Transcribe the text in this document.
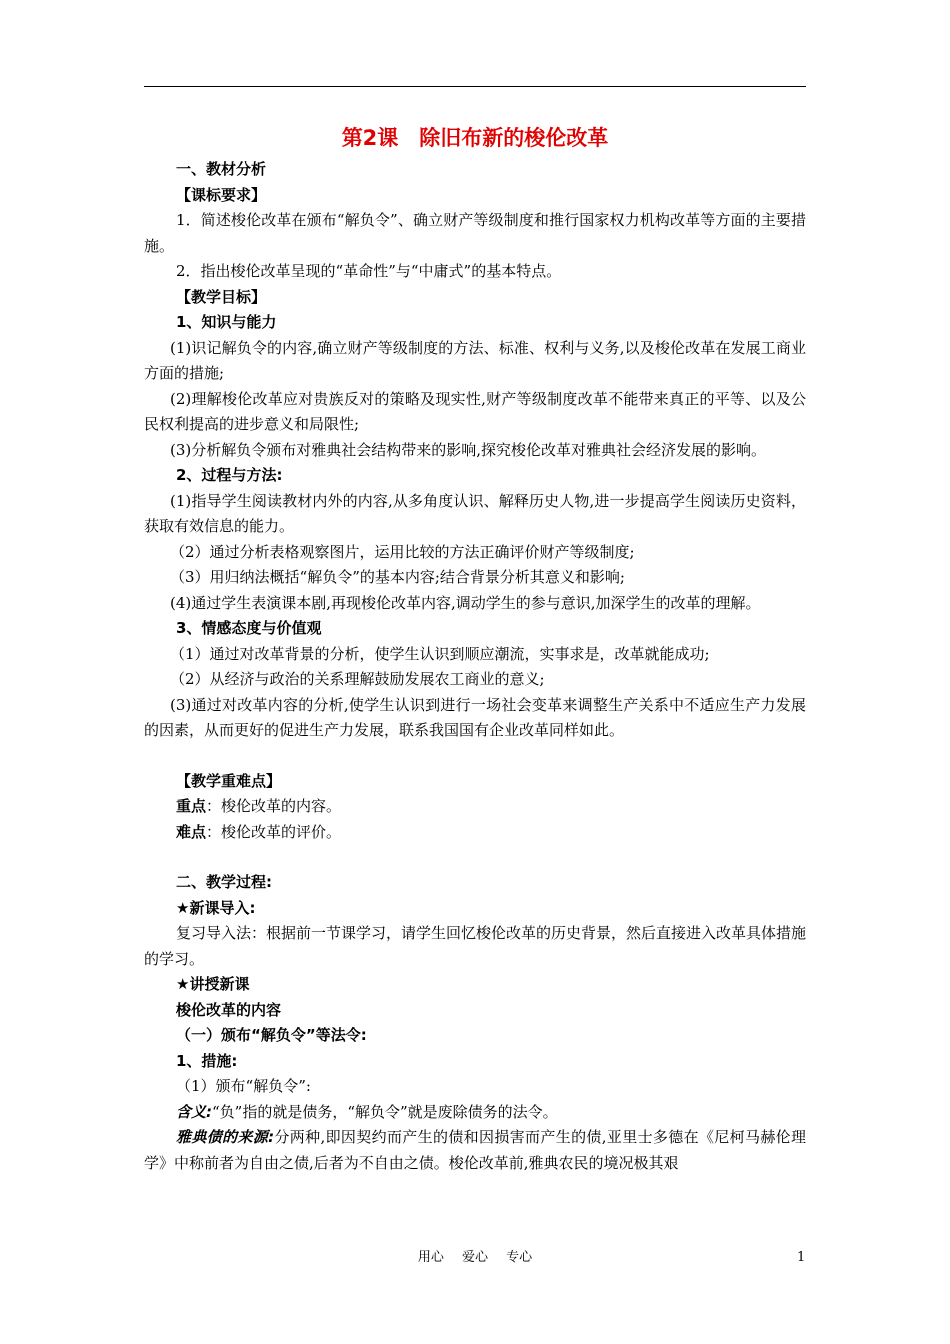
第2课　除旧布新的梭伦改革
一、教材分析
【课标要求】
1．简述梭伦改革在颁布“解负令”、确立财产等级制度和推行国家权力机构改革等方面的主要措施。
2．指出梭伦改革呈现的“革命性”与“中庸式”的基本特点。
【教学目标】
1、知识与能力
(1)识记解负令的内容,确立财产等级制度的方法、标准、权利与义务,以及梭伦改革在发展工商业方面的措施;
(2)理解梭伦改革应对贵族反对的策略及现实性,财产等级制度改革不能带来真正的平等、以及公民权利提高的进步意义和局限性;
(3)分析解负令颁布对雅典社会结构带来的影响,探究梭伦改革对雅典社会经济发展的影响。
2、过程与方法:
(1)指导学生阅读教材内外的内容,从多角度认识、解释历史人物,进一步提高学生阅读历史资料，获取有效信息的能力。
（2）通过分析表格观察图片，运用比较的方法正确评价财产等级制度;
（3）用归纳法概括“解负令”的基本内容;结合背景分析其意义和影响;
(4)通过学生表演课本剧,再现梭伦改革内容,调动学生的参与意识,加深学生的改革的理解。
3、情感态度与价值观
（1）通过对改革背景的分析，使学生认识到顺应潮流，实事求是，改革就能成功;
（2）从经济与政治的关系理解鼓励发展农工商业的意义;
(3)通过对改革内容的分析,使学生认识到进行一场社会变革来调整生产关系中不适应生产力发展的因素，从而更好的促进生产力发展，联系我国国有企业改革同样如此。
【教学重难点】
重点：梭伦改革的内容。
难点：梭伦改革的评价。
二、教学过程:
★新课导入:
复习导入法：根据前一节课学习，请学生回忆梭伦改革的历史背景，然后直接进入改革具体措施的学习。
★讲授新课
梭伦改革的内容
（一）颁布“解负令”等法令:
1、措施:
（1）颁布“解负令”:
含义:“负”指的就是债务，“解负令”就是废除债务的法令。
雅典债的来源:分两种,即因契约而产生的债和因损害而产生的债,亚里士多德在《尼柯马赫伦理学》中称前者为自由之债,后者为不自由之债。梭伦改革前,雅典农民的境况极其艰
用心 爱心 专心	1
